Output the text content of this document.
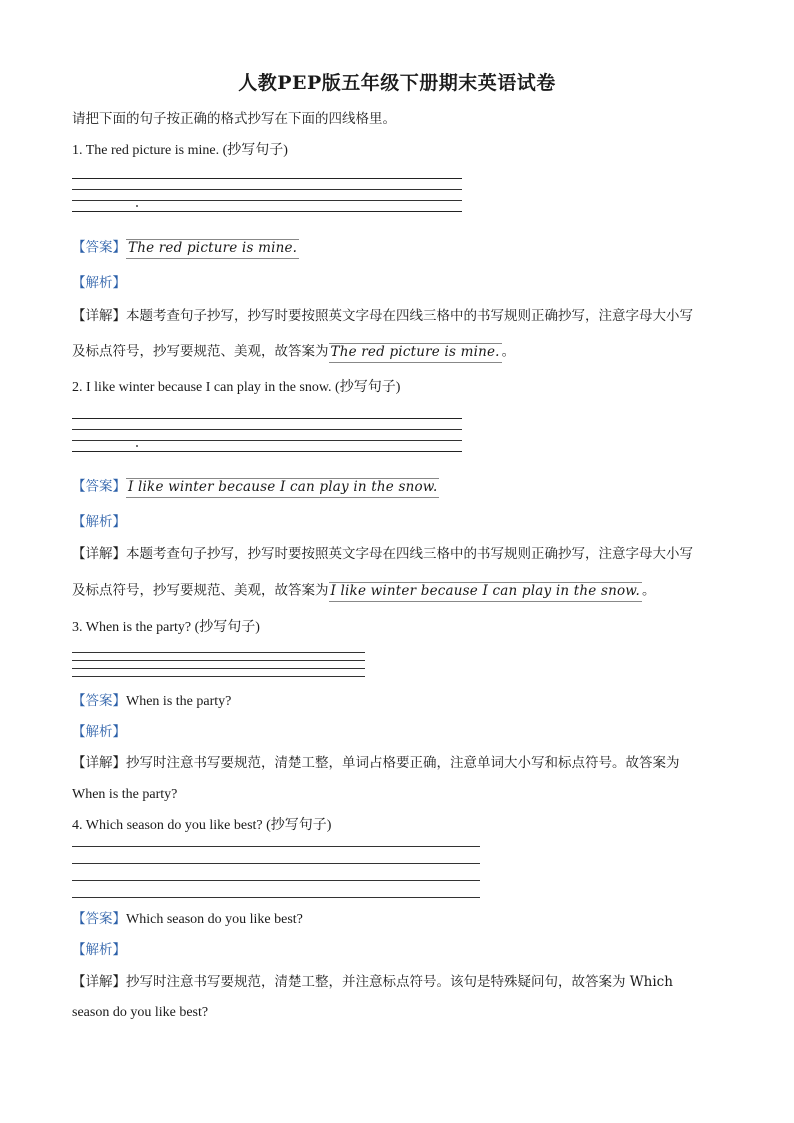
人教PEP版五年级下册期末英语试卷
请把下面的句子按正确的格式抄写在下面的四线格里。
1. The red picture is mine. (抄写句子)
【答案】 The red picture is mine.
【解析】
【详解】本题考查句子抄写，抄写时要按照英文字母在四线三格中的书写规则正确抄写，注意字母大小写
及标点符号，抄写要规范、美观，故答案为 The red picture is mine. 。
2. I like winter because I can play in the snow. (抄写句子)
【答案】 I like winter because I can play in the snow.
【解析】
【详解】本题考查句子抄写，抄写时要按照英文字母在四线三格中的书写规则正确抄写，注意字母大小写
及标点符号，抄写要规范、美观，故答案为 I like winter because I can play in the snow. 。
3. When is the party? (抄写句子)
【答案】When is the party?
【解析】
【详解】抄写时注意书写要规范，清楚工整，单词占格要正确，注意单词大小写和标点符号。故答案为
When is the party?
4. Which season do you like best? (抄写句子)
【答案】Which season do you like best?
【解析】
【详解】抄写时注意书写要规范，清楚工整，并注意标点符号。该句是特殊疑问句，故答案为 Which
season do you like best?
